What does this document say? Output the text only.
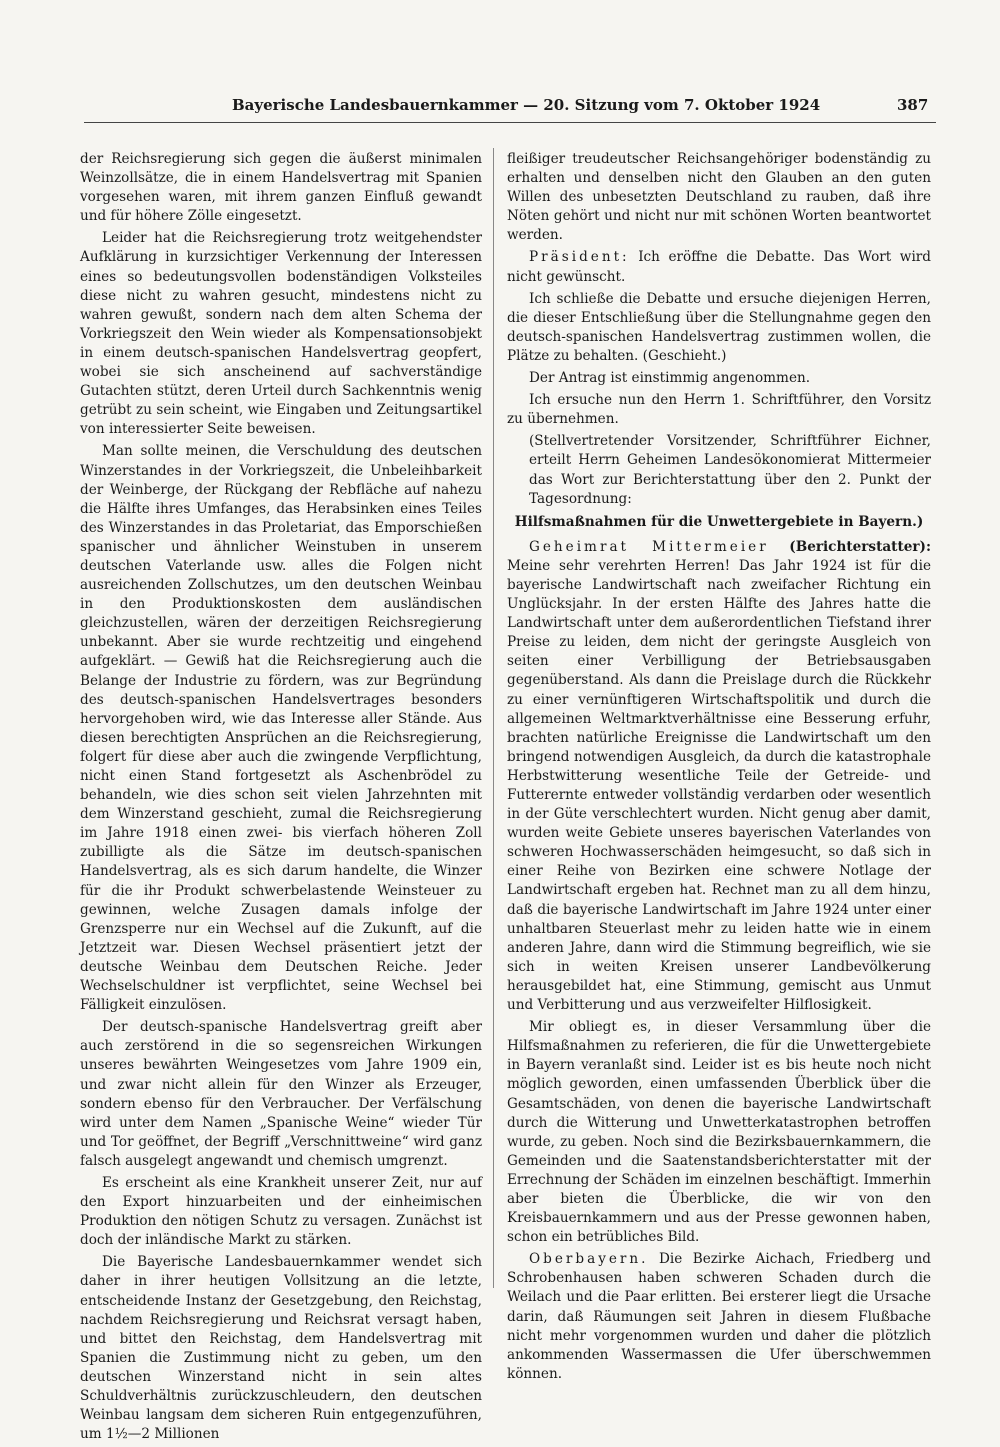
Bayerische Landesbauernkammer — 20. Sitzung vom 7. Oktober 1924	387

der Reichsregierung sich gegen die äußerst minimalen Weinzollsätze, die in einem Handelsvertrag mit Spanien vorgesehen waren, mit ihrem ganzen Einfluß gewandt und für höhere Zölle eingesetzt.

Leider hat die Reichsregierung trotz weitgehendster Aufklärung in kurzsichtiger Verkennung der Interessen eines so bedeutungsvollen bodenständigen Volksteiles diese nicht zu wahren gesucht, mindestens nicht zu wahren gewußt, sondern nach dem alten Schema der Vorkriegszeit den Wein wieder als Kompensationsobjekt in einem deutsch-spanischen Handelsvertrag geopfert, wobei sie sich anscheinend auf sachverständige Gutachten stützt, deren Urteil durch Sachkenntnis wenig getrübt zu sein scheint, wie Eingaben und Zeitungsartikel von interessierter Seite beweisen.

Man sollte meinen, die Verschuldung des deutschen Winzerstandes in der Vorkriegszeit, die Unbeleihbarkeit der Weinberge, der Rückgang der Rebfläche auf nahezu die Hälfte ihres Umfanges, das Herabsinken eines Teiles des Winzerstandes in das Proletariat, das Emporschießen spanischer und ähnlicher Weinstuben in unserem deutschen Vaterlande usw. alles die Folgen nicht ausreichenden Zollschutzes, um den deutschen Weinbau in den Produktionskosten dem ausländischen gleichzustellen, wären der derzeitigen Reichsregierung unbekannt. Aber sie wurde rechtzeitig und eingehend aufgeklärt. — Gewiß hat die Reichsregierung auch die Belange der Industrie zu fördern, was zur Begründung des deutsch-spanischen Handelsvertrages besonders hervorgehoben wird, wie das Interesse aller Stände. Aus diesen berechtigten Ansprüchen an die Reichsregierung, folgert für diese aber auch die zwingende Verpflichtung, nicht einen Stand fortgesetzt als Aschenbrödel zu behandeln, wie dies schon seit vielen Jahrzehnten mit dem Winzerstand geschieht, zumal die Reichsregierung im Jahre 1918 einen zwei- bis vierfach höheren Zoll zubilligte als die Sätze im deutsch-spanischen Handelsvertrag, als es sich darum handelte, die Winzer für die ihr Produkt schwerbelastende Weinsteuer zu gewinnen, welche Zusagen damals infolge der Grenzsperre nur ein Wechsel auf die Zukunft, auf die Jetztzeit war. Diesen Wechsel präsentiert jetzt der deutsche Weinbau dem Deutschen Reiche. Jeder Wechselschuldner ist verpflichtet, seine Wechsel bei Fälligkeit einzulösen.

Der deutsch-spanische Handelsvertrag greift aber auch zerstörend in die so segensreichen Wirkungen unseres bewährten Weingesetzes vom Jahre 1909 ein, und zwar nicht allein für den Winzer als Erzeuger, sondern ebenso für den Verbraucher. Der Verfälschung wird unter dem Namen „Spanische Weine“ wieder Tür und Tor geöffnet, der Begriff „Verschnittweine“ wird ganz falsch ausgelegt angewandt und chemisch umgrenzt.

Es erscheint als eine Krankheit unserer Zeit, nur auf den Export hinzuarbeiten und der einheimischen Produktion den nötigen Schutz zu versagen. Zunächst ist doch der inländische Markt zu stärken.

Die Bayerische Landesbauernkammer wendet sich daher in ihrer heutigen Vollsitzung an die letzte, entscheidende Instanz der Gesetzgebung, den Reichstag, nachdem Reichsregierung und Reichsrat versagt haben, und bittet den Reichstag, dem Handelsvertrag mit Spanien die Zustimmung nicht zu geben, um den deutschen Winzerstand nicht in sein altes Schuldverhältnis zurückzuschleudern, den deutschen Weinbau langsam dem sicheren Ruin entgegenzuführen, um 1½—2 Millionen

fleißiger treudeutscher Reichsangehöriger bodenständig zu erhalten und denselben nicht den Glauben an den guten Willen des unbesetzten Deutschland zu rauben, daß ihre Nöten gehört und nicht nur mit schönen Worten beantwortet werden.

Präsident: Ich eröffne die Debatte. Das Wort wird nicht gewünscht.

Ich schließe die Debatte und ersuche diejenigen Herren, die dieser Entschließung über die Stellungnahme gegen den deutsch-spanischen Handelsvertrag zustimmen wollen, die Plätze zu behalten. (Geschieht.)

Der Antrag ist einstimmig angenommen.

Ich ersuche nun den Herrn 1. Schriftführer, den Vorsitz zu übernehmen.

(Stellvertretender Vorsitzender, Schriftführer Eichner, erteilt Herrn Geheimen Landesökonomierat Mittermeier das Wort zur Berichterstattung über den 2. Punkt der Tagesordnung:

Hilfsmaßnahmen für die Unwettergebiete in Bayern.)

Geheimrat Mittermeier (Berichterstatter): Meine sehr verehrten Herren! Das Jahr 1924 ist für die bayerische Landwirtschaft nach zweifacher Richtung ein Unglücksjahr. In der ersten Hälfte des Jahres hatte die Landwirtschaft unter dem außerordentlichen Tiefstand ihrer Preise zu leiden, dem nicht der geringste Ausgleich von seiten einer Verbilligung der Betriebsausgaben gegenüberstand. Als dann die Preislage durch die Rückkehr zu einer vernünftigeren Wirtschaftspolitik und durch die allgemeinen Weltmarktverhältnisse eine Besserung erfuhr, brachten natürliche Ereignisse die Landwirtschaft um den bringend notwendigen Ausgleich, da durch die katastrophale Herbstwitterung wesentliche Teile der Getreide- und Futterernte entweder vollständig verdarben oder wesentlich in der Güte verschlechtert wurden. Nicht genug aber damit, wurden weite Gebiete unseres bayerischen Vaterlandes von schweren Hochwasserschäden heimgesucht, so daß sich in einer Reihe von Bezirken eine schwere Notlage der Landwirtschaft ergeben hat. Rechnet man zu all dem hinzu, daß die bayerische Landwirtschaft im Jahre 1924 unter einer unhaltbaren Steuerlast mehr zu leiden hatte wie in einem anderen Jahre, dann wird die Stimmung begreiflich, wie sie sich in weiten Kreisen unserer Landbevölkerung herausgebildet hat, eine Stimmung, gemischt aus Unmut und Verbitterung und aus verzweifelter Hilflosigkeit.

Mir obliegt es, in dieser Versammlung über die Hilfsmaßnahmen zu referieren, die für die Unwettergebiete in Bayern veranlaßt sind. Leider ist es bis heute noch nicht möglich geworden, einen umfassenden Überblick über die Gesamtschäden, von denen die bayerische Landwirtschaft durch die Witterung und Unwetterkatastrophen betroffen wurde, zu geben. Noch sind die Bezirksbauernkammern, die Gemeinden und die Saatenstandsberichterstatter mit der Errechnung der Schäden im einzelnen beschäftigt. Immerhin aber bieten die Überblicke, die wir von den Kreisbauernkammern und aus der Presse gewonnen haben, schon ein betrübliches Bild.

Oberbayern. Die Bezirke Aichach, Friedberg und Schrobenhausen haben schweren Schaden durch die Weilach und die Paar erlitten. Bei ersterer liegt die Ursache darin, daß Räumungen seit Jahren in diesem Flußbache nicht mehr vorgenommen wurden und daher die plötzlich ankommenden Wassermassen die Ufer überschwemmen können.
